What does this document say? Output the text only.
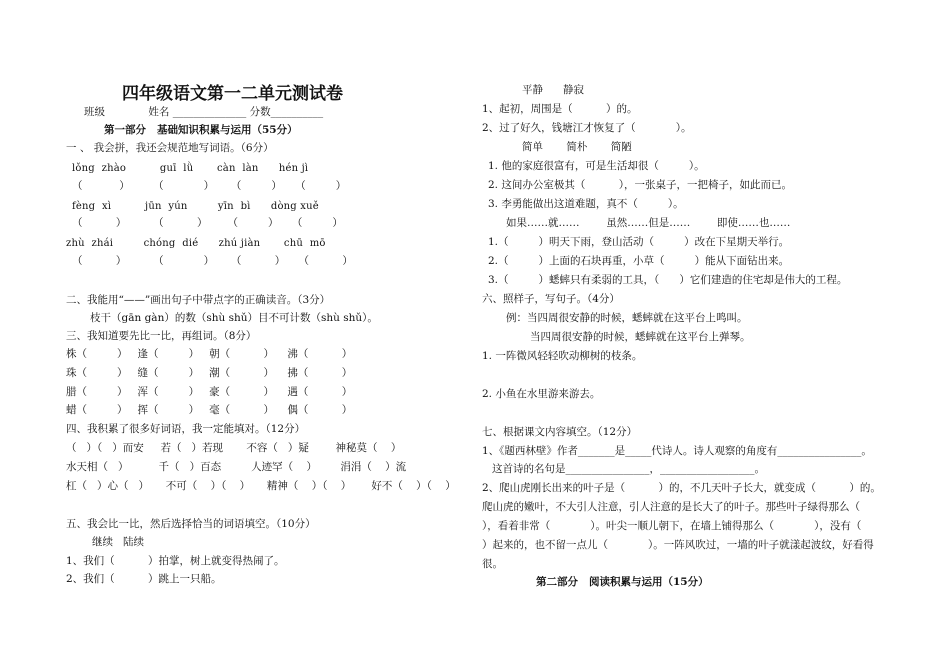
四年级语文第一二单元测试卷
班级             姓名 ______________ 分数__________
第一部分   基础知识积累与运用（55分）
一 、 我会拼，我还会规范地写词语。（6分）
lǒng  zhào          guī  lǜ       càn  làn      hén jì
（           ）       （            ）     （         ）    （         ）
fèng  xì          jūn  yún         yīn  bì      dòng xuě
（          ）        （          ）      （         ）    （         ）
zhù  zhái         chóng  dié      zhú jiàn       chū  mō
（          ）        （            ）     （          ）    （          ）
二、我能用“——”画出句子中带点字的正确读音。（3分）
枝干（gān gàn）的数（shù shǔ）目不可计数（shù shǔ）。
三、我知道要先比一比，再组词。（8分）
株（         ）   逢（         ）   朝（          ）    沸（          ）
珠（         ）   缝（         ）   潮（          ）    拂（          ）
腊（         ）   浑（         ）   豪（          ）    遇（          ）
蜡（         ）   挥（         ）   毫（          ）    偶（          ）
四、我积累了很多好词语，我一定能填对。（12分）
（   ）（   ）而安     若（   ）若现       不容（   ）疑        神秘莫（    ）
水天相（   ）         千（   ）百态         人迹罕（    ）       涓涓（    ）流
杠（   ）心（   ）     不可（    ）（    ）     精神（    ）（    ）      好不（    ）（    ）
五、我会比一比，然后选择恰当的词语填空。（10分）
继续   陆续
1、我们（          ）拍掌，树上就变得热闹了。
2、我们（          ）跳上一只船。
平静      静寂
1、起初，周围是（          ）的。
2、过了好久，钱塘江才恢复了（            ）。
简单       简朴       简陋
1. 他的家庭很富有，可是生活却很（         ）。
2. 这间办公室极其（          ），一张桌子，一把椅子，如此而已。
3. 李勇能做出这道难题，真不（         ）。
如果……就……        虽然……但是……        即使……也……
1.（         ）明天下雨，登山活动（         ）改在下星期天举行。
2.（         ）上面的石块再重，小草（         ）能从下面钻出来。
3.（         ）蟋蟀只有柔弱的工具，（      ）它们建造的住宅却是伟大的工程。
六、照样子，写句子。（4分）
例：当四周很安静的时候，蟋蟀就在这平台上鸣叫。
当四周很安静的时候，蟋蟀就在这平台上弹琴。
1. 一阵微风轻轻吹动柳树的枝条。
2. 小鱼在水里游来游去。
七、根据课文内容填空。（12分）
1、《题西林壁》作者_______是_____代诗人。诗人观察的角度有________________。
这首诗的名句是________________，__________________。
2、爬山虎刚长出来的叶子是（          ）的，不几天叶子长大，就变成（          ）的。
爬山虎的嫩叶，不大引人注意，引人注意的是长大了的叶子。那些叶子绿得那么（
），看着非常（            ）。叶尖一顺儿朝下，在墙上铺得那么（            ），没有（
）起来的，也不留一点儿（            ）。一阵风吹过，一墙的叶子就漾起波纹，好看得
很。
第二部分   阅读积累与运用（15分）
